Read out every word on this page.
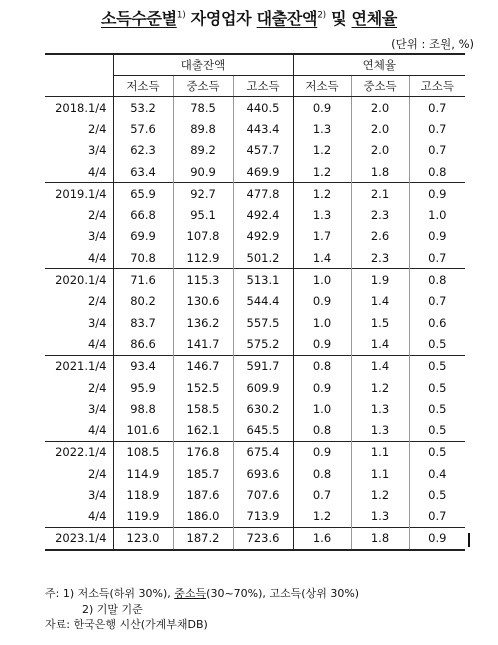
소득수준별$^{1)}$ 자영업자 대출잔액$^{2)}$ 및 연체율
(단위 : 조원, %)
	대출잔액			연체율		
	저소득	중소득	고소득	저소득	중소득	고소득
2018.1/4	53.2	78.5	440.5	0.9	2.0	0.7
2/4	57.6	89.8	443.4	1.3	2.0	0.7
3/4	62.3	89.2	457.7	1.2	2.0	0.7
4/4	63.4	90.9	469.9	1.2	1.8	0.8
2019.1/4	65.9	92.7	477.8	1.2	2.1	0.9
2/4	66.8	95.1	492.4	1.3	2.3	1.0
3/4	69.9	107.8	492.9	1.7	2.6	0.9
4/4	70.8	112.9	501.2	1.4	2.3	0.7
2020.1/4	71.6	115.3	513.1	1.0	1.9	0.8
2/4	80.2	130.6	544.4	0.9	1.4	0.7
3/4	83.7	136.2	557.5	1.0	1.5	0.6
4/4	86.6	141.7	575.2	0.9	1.4	0.5
2021.1/4	93.4	146.7	591.7	0.8	1.4	0.5
2/4	95.9	152.5	609.9	0.9	1.2	0.5
3/4	98.8	158.5	630.2	1.0	1.3	0.5
4/4	101.6	162.1	645.5	0.8	1.3	0.5
2022.1/4	108.5	176.8	675.4	0.9	1.1	0.5
2/4	114.9	185.7	693.6	0.8	1.1	0.4
3/4	118.9	187.6	707.6	0.7	1.2	0.5
4/4	119.9	186.0	713.9	1.2	1.3	0.7
2023.1/4	123.0	187.2	723.6	1.6	1.8	0.9
주: 1) 저소득(하위 30%), 중소득(30~70%), 고소득(상위 30%)
2) 기말 기준
자료: 한국은행 시산(가계부채DB)
